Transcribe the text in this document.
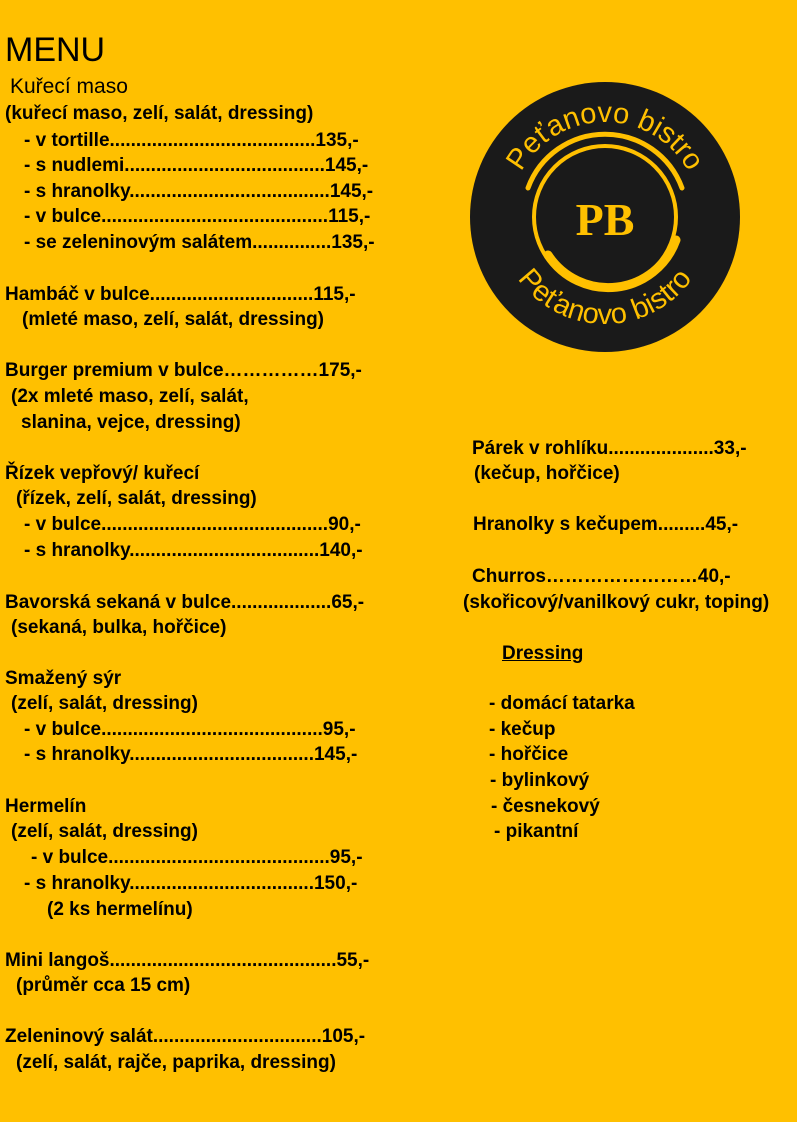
MENU
Kuřecí maso
(kuřecí maso, zelí, salát, dressing)
- v tortille.......................................135,-
- s nudlemi......................................145,-
- s hranolky......................................145,-
- v bulce...........................................115,-
- se zeleninovým salátem...............135,-
Hambáč v bulce...............................115,-
(mleté maso, zelí, salát, dressing)
Burger premium v bulce……………175,-
(2x mleté maso, zelí, salát,
slanina, vejce, dressing)
Řízek vepřový/ kuřecí
(řízek, zelí, salát, dressing)
- v bulce...........................................90,-
- s hranolky....................................140,-
Bavorská sekaná v bulce...................65,-
(sekaná, bulka, hořčice)
Smažený sýr
(zelí, salát, dressing)
- v bulce..........................................95,-
- s hranolky...................................145,-
Hermelín
(zelí, salát, dressing)
- v bulce..........................................95,-
- s hranolky...................................150,-
(2 ks hermelínu)
Mini langoš...........................................55,-
(průměr cca 15 cm)
Zeleninový salát................................105,-
(zelí, salát, rajče, paprika, dressing)
Párek v rohlíku....................33,-
(kečup, hořčice)
Hranolky s kečupem.........45,-
Churros……………………40,-
(skořicový/vanilkový cukr, toping)
Dressing
- domácí tatarka
- kečup
- hořčice
- bylinkový
- česnekový
- pikantní
Peťanovo bistro
Peťanovo bistro
PB
